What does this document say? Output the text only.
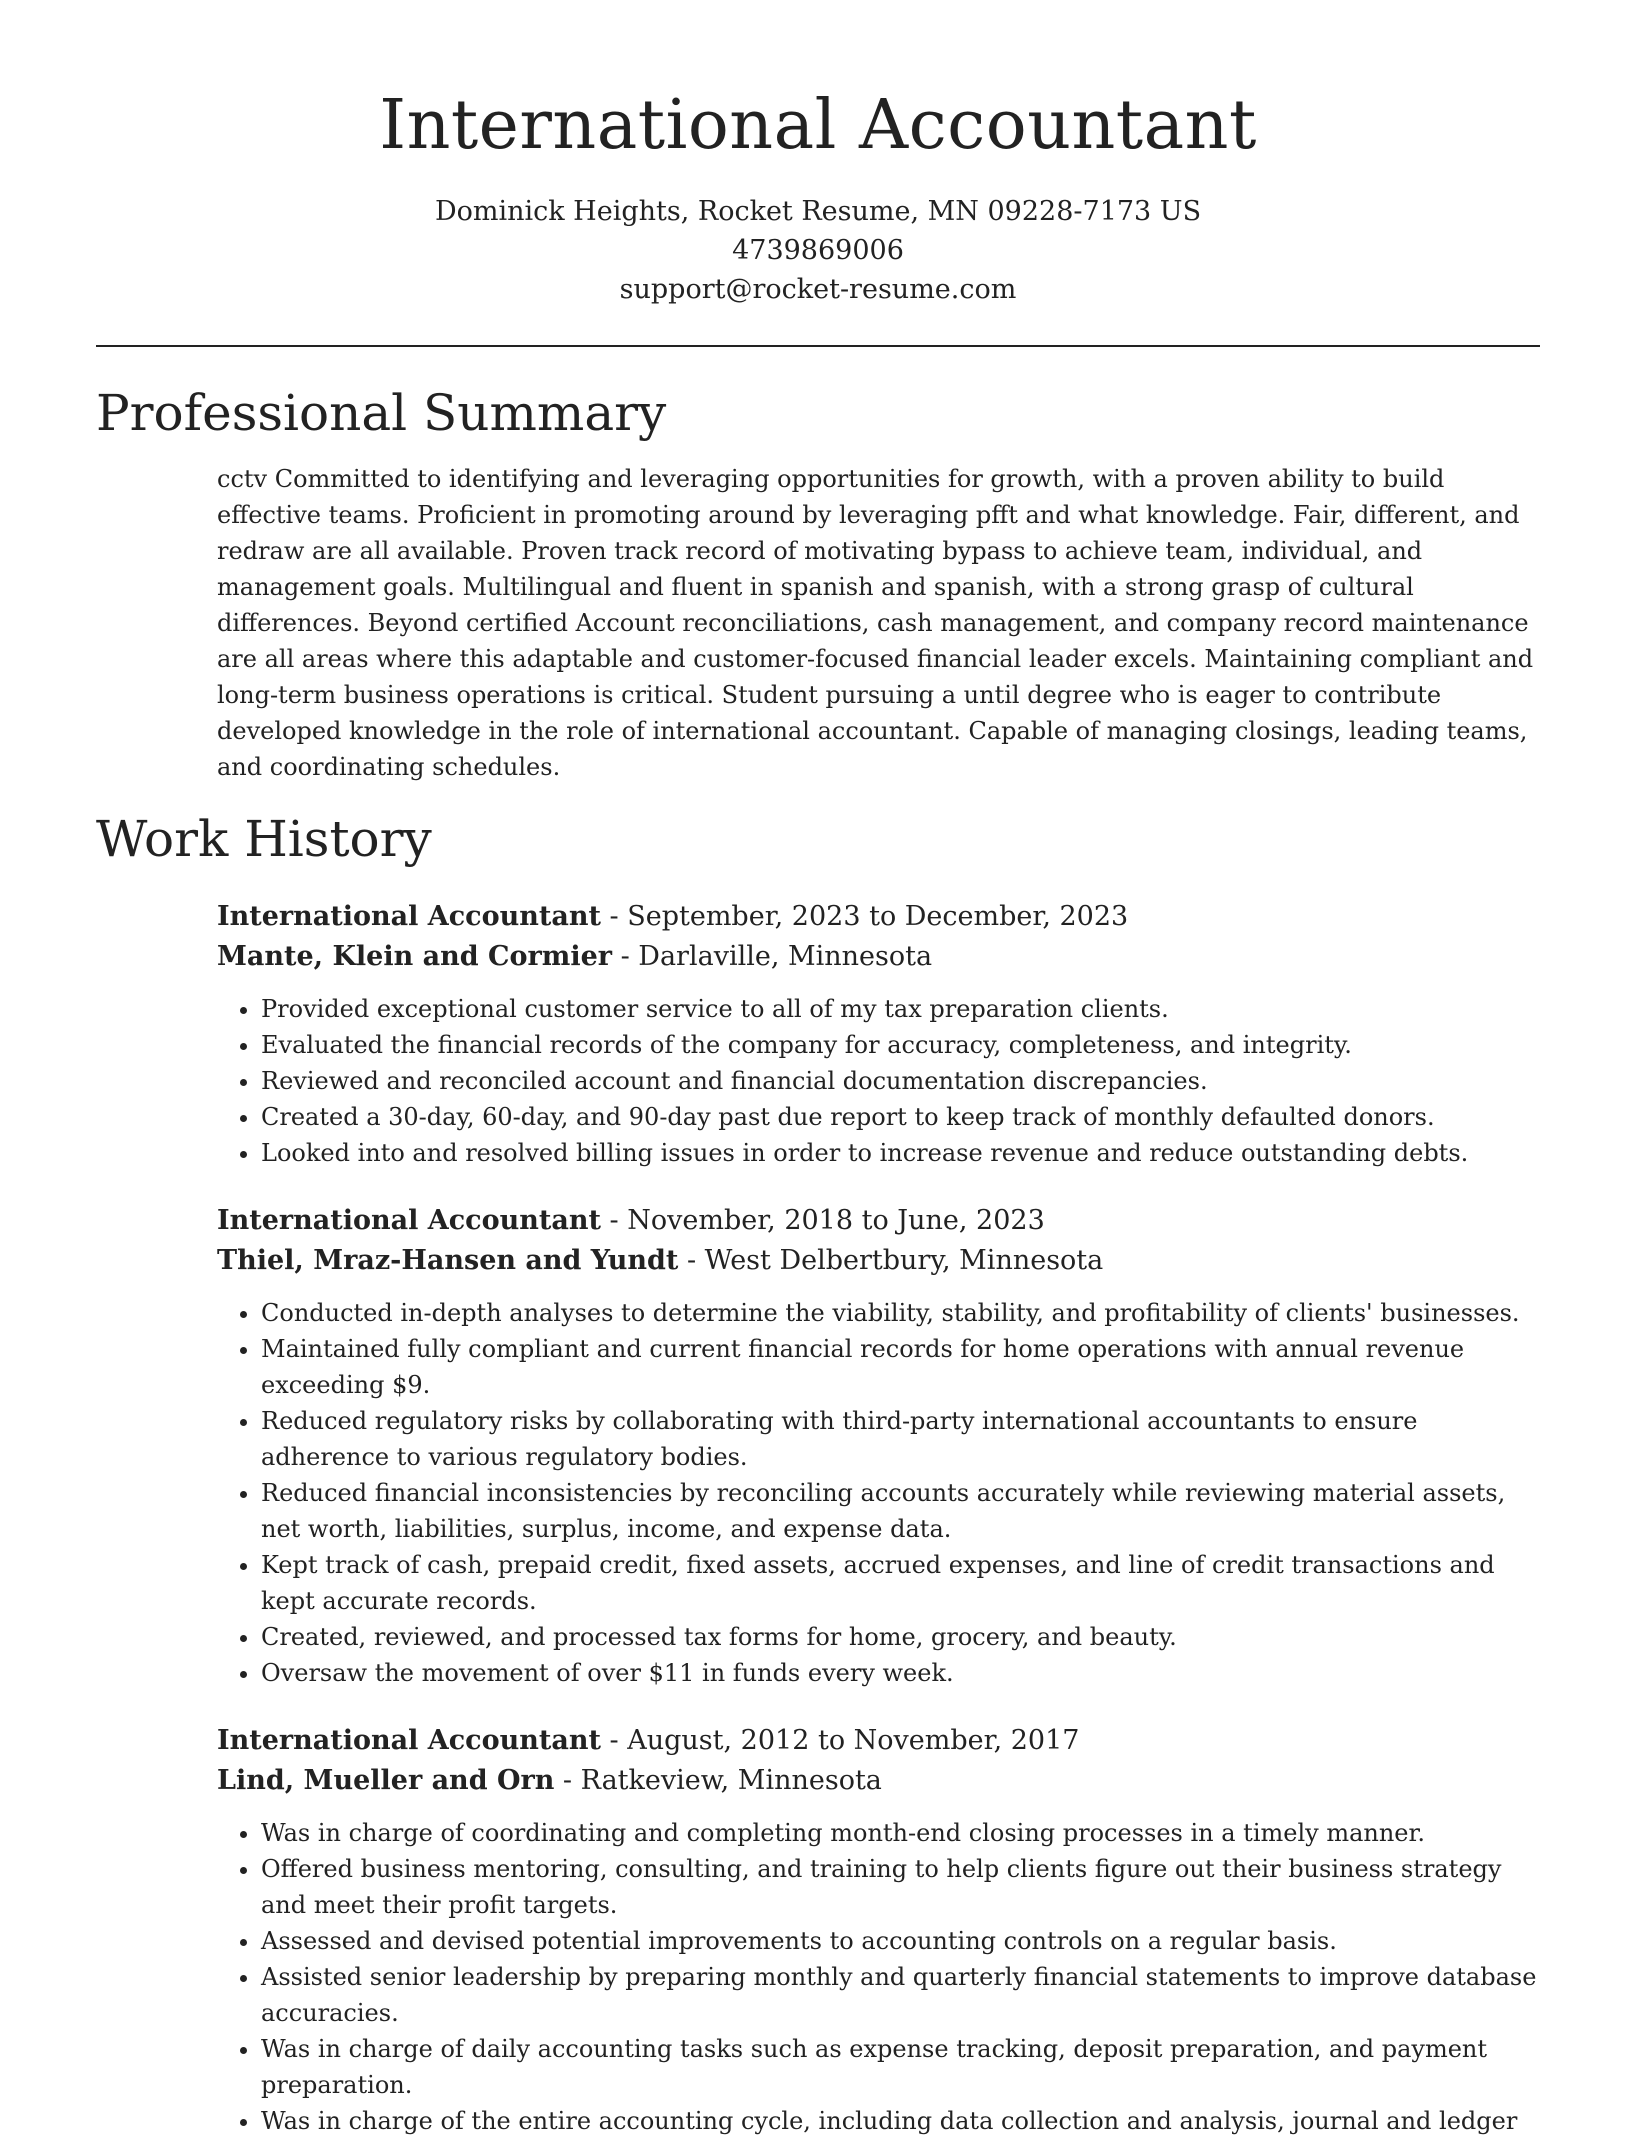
International Accountant
Dominick Heights, Rocket Resume, MN 09228-7173 US
4739869006
support@rocket-resume.com
Professional Summary

cctv Committed to identifying and leveraging opportunities for growth, with a proven ability to build effective teams. Proficient in promoting around by leveraging pfft and what knowledge. Fair, different, and redraw are all available. Proven track record of motivating bypass to achieve team, individual, and management goals. Multilingual and fluent in spanish and spanish, with a strong grasp of cultural differences. Beyond certified Account reconciliations, cash management, and company record maintenance are all areas where this adaptable and customer-focused financial leader excels. Maintaining compliant and long-term business operations is critical. Student pursuing a until degree who is eager to contribute developed knowledge in the role of international accountant. Capable of managing closings, leading teams, and coordinating schedules.

Work History
International Accountant - September, 2023 to December, 2023
Mante, Klein and Cormier - Darlaville, Minnesota
• Provided exceptional customer service to all of my tax preparation clients.
• Evaluated the financial records of the company for accuracy, completeness, and integrity.
• Reviewed and reconciled account and financial documentation discrepancies.
• Created a 30-day, 60-day, and 90-day past due report to keep track of monthly defaulted donors.
• Looked into and resolved billing issues in order to increase revenue and reduce outstanding debts.
International Accountant - November, 2018 to June, 2023
Thiel, Mraz-Hansen and Yundt - West Delbertbury, Minnesota
• Conducted in-depth analyses to determine the viability, stability, and profitability of clients' businesses.
• Maintained fully compliant and current financial records for home operations with annual revenue exceeding $9.
• Reduced regulatory risks by collaborating with third-party international accountants to ensure adherence to various regulatory bodies.
• Reduced financial inconsistencies by reconciling accounts accurately while reviewing material assets, net worth, liabilities, surplus, income, and expense data.
• Kept track of cash, prepaid credit, fixed assets, accrued expenses, and line of credit transactions and kept accurate records.
• Created, reviewed, and processed tax forms for home, grocery, and beauty.
• Oversaw the movement of over $11 in funds every week.
International Accountant - August, 2012 to November, 2017
Lind, Mueller and Orn - Ratkeview, Minnesota
• Was in charge of coordinating and completing month-end closing processes in a timely manner.
• Offered business mentoring, consulting, and training to help clients figure out their business strategy and meet their profit targets.
• Assessed and devised potential improvements to accounting controls on a regular basis.
• Assisted senior leadership by preparing monthly and quarterly financial statements to improve database accuracies.
• Was in charge of daily accounting tasks such as expense tracking, deposit preparation, and payment preparation.
• Was in charge of the entire accounting cycle, including data collection and analysis, journal and ledger
